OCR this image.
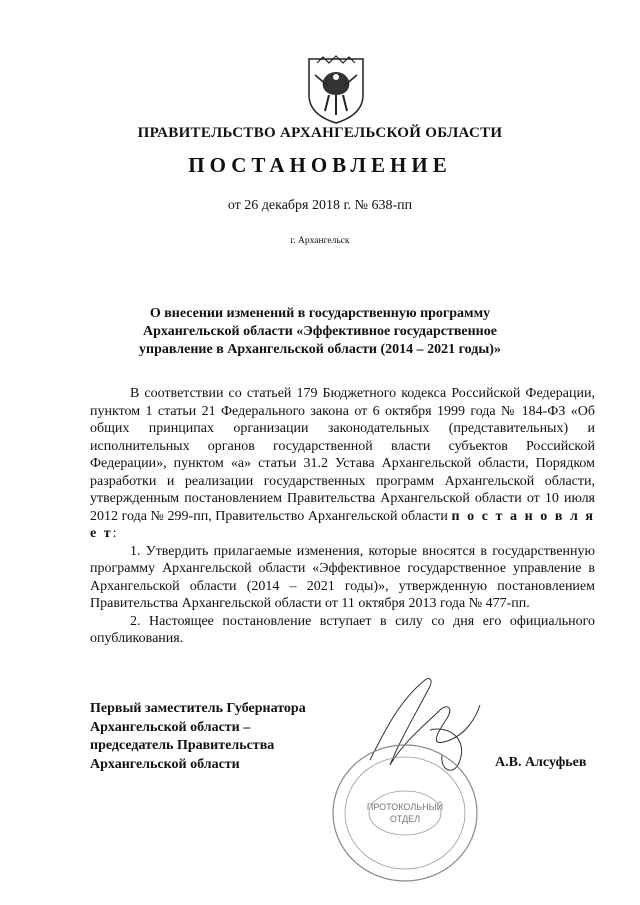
ПРАВИТЕЛЬСТВО АРХАНГЕЛЬСКОЙ ОБЛАСТИ
ПОСТАНОВЛЕНИЕ
от 26 декабря 2018 г. № 638-пп
г. Архангельск
О внесении изменений в государственную программу
Архангельской области «Эффективное государственное
управление в Архангельской области (2014 – 2021 годы)»

В соответствии со статьей 179 Бюджетного кодекса Российской Федерации, пунктом 1 статьи 21 Федерального закона от 6 октября 1999 года № 184-ФЗ «Об общих принципах организации законодательных (представительных) и исполнительных органов государственной власти субъектов Российской Федерации», пунктом «а» статьи 31.2 Устава Архангельской области, Порядком разработки и реализации государственных программ Архангельской области, утвержденным постановлением Правительства Архангельской области от 10 июля 2012 года № 299-пп, Правительство Архангельской области п о с т а н о в л я е т:

1. Утвердить прилагаемые изменения, которые вносятся в государственную программу Архангельской области «Эффективное государственное управление в Архангельской области (2014 – 2021 годы)», утвержденную постановлением Правительства Архангельской области от 11 октября 2013 года № 477-пп.

2. Настоящее постановление вступает в силу со дня его официального опубликования.

Первый заместитель Губернатора
Архангельской области –
председатель Правительства
Архангельской области
ПРОТОКОЛЬНЫЙ
ОТДЕЛ
А.В. Алсуфьев
